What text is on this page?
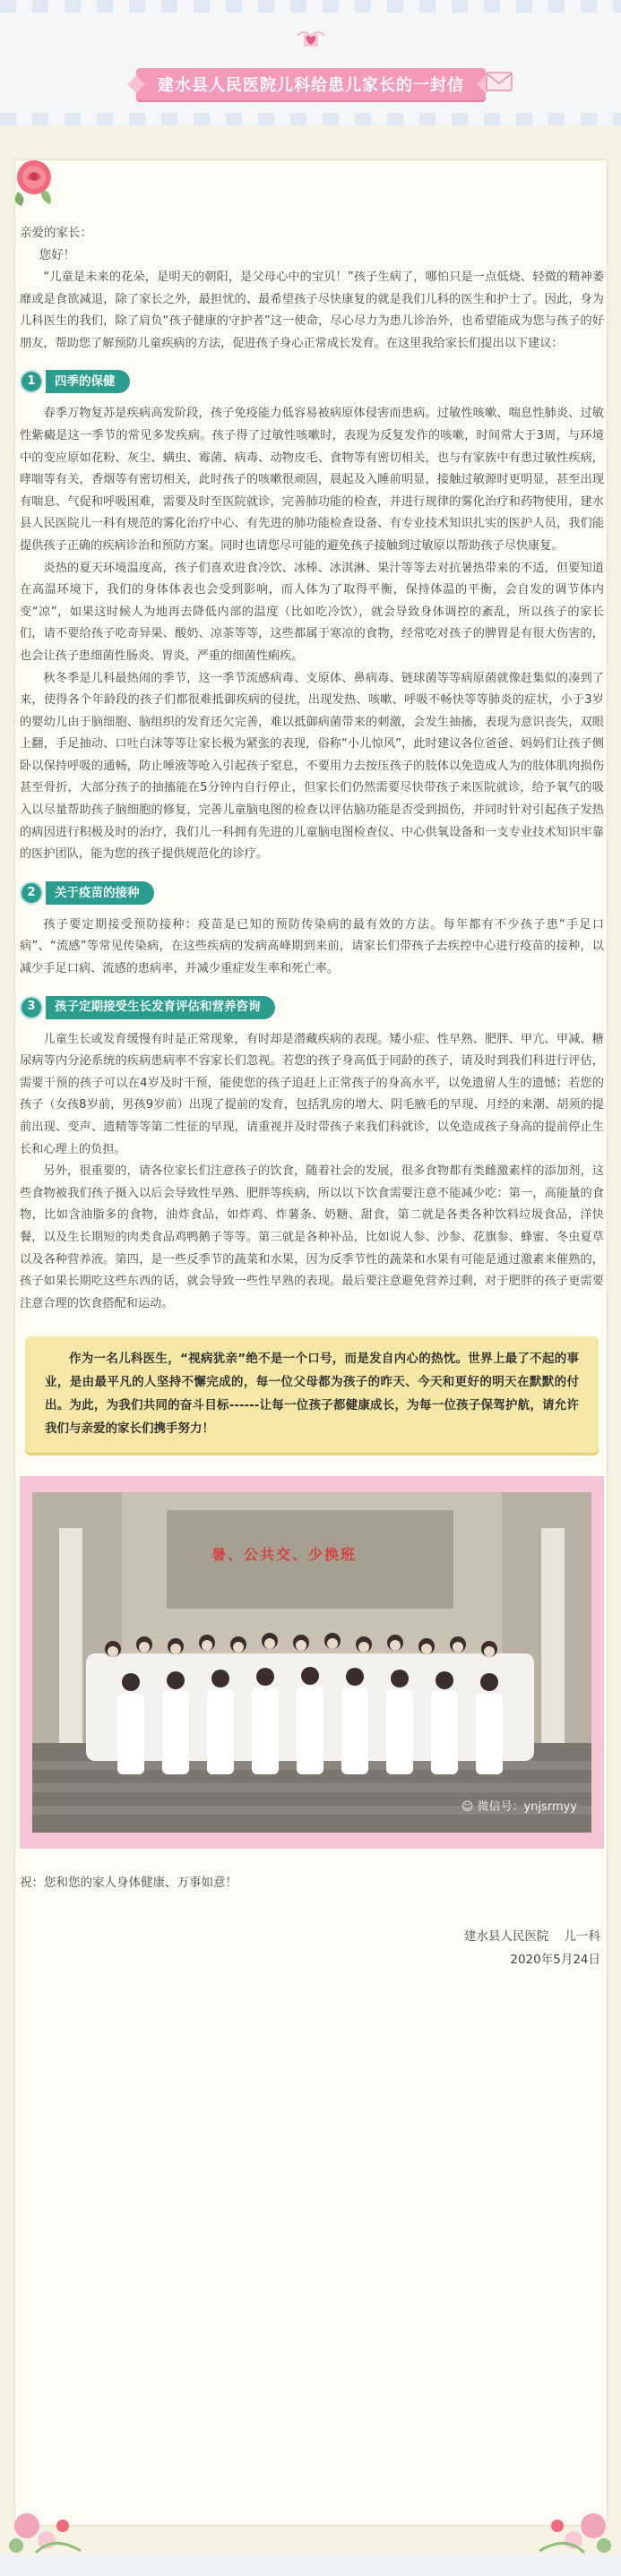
建水县人民医院儿科给患儿家长的一封信

亲爱的家长：

您好！

“儿童是未来的花朵，是明天的朝阳，是父母心中的宝贝！”孩子生病了，哪怕只是一点低烧、轻微的精神萎靡或是食欲减退，除了家长之外，最担忧的、最希望孩子尽快康复的就是我们儿科的医生和护士了。因此，身为儿科医生的我们，除了肩负“孩子健康的守护者”这一使命，尽心尽力为患儿诊治外，也希望能成为您与孩子的好朋友，帮助您了解预防儿童疾病的方法，促进孩子身心正常成长发育。在这里我给家长们提出以下建议：

1	四季的保健

春季万物复苏是疾病高发阶段，孩子免疫能力低容易被病原体侵害而患病。过敏性咳嗽、喘息性肺炎、过敏性紫癜是这一季节的常见多发疾病。孩子得了过敏性咳嗽时，表现为反复发作的咳嗽，时间常大于3周，与环境中的变应原如花粉、灰尘、螨虫、霉菌、病毒、动物皮毛、食物等有密切相关，也与有家族中有患过敏性疾病，哮喘等有关，香烟等有密切相关，此时孩子的咳嗽很顽固，晨起及入睡前明显，接触过敏源时更明显，甚至出现有喘息、气促和呼吸困难，需要及时至医院就诊，完善肺功能的检查，并进行规律的雾化治疗和药物使用，建水县人民医院儿一科有规范的雾化治疗中心、有先进的肺功能检查设备、有专业技术知识扎实的医护人员，我们能提供孩子正确的疾病诊治和预防方案。同时也请您尽可能的避免孩子接触到过敏原以帮助孩子尽快康复。

炎热的夏天环境温度高，孩子们喜欢进食冷饮、冰棒、冰淇淋、果汁等等去对抗暑热带来的不适，但要知道在高温环境下，我们的身体体表也会受到影响，而人体为了取得平衡，保持体温的平衡，会自发的调节体内变“凉”，如果这时候人为地再去降低内部的温度（比如吃冷饮），就会导致身体调控的紊乱，所以孩子的家长们，请不要给孩子吃奇异果、酸奶、凉茶等等，这些都属于寒凉的食物，经常吃对孩子的脾胃是有很大伤害的，也会让孩子患细菌性肠炎、胃炎，严重的细菌性痢疾。

秋冬季是儿科最热闹的季节，这一季节流感病毒、支原体、鼻病毒、链球菌等等病原菌就像赶集似的凑到了来，使得各个年龄段的孩子们都很难抵御疾病的侵扰，出现发热、咳嗽、呼吸不畅快等等肺炎的症状，小于3岁的婴幼儿由于脑细胞、脑组织的发育还欠完善，难以抵御病菌带来的刺激，会发生抽搐，表现为意识丧失，双眼上翻，手足抽动、口吐白沫等等让家长极为紧张的表现，俗称“小儿惊风”，此时建议各位爸爸、妈妈们让孩子侧卧以保持呼吸的通畅，防止唾液等呛入引起孩子窒息，不要用力去按压孩子的肢体以免造成人为的肢体肌肉损伤甚至骨折，大部分孩子的抽搐能在5分钟内自行停止，但家长们仍然需要尽快带孩子来医院就诊，给予氧气的吸入以尽量帮助孩子脑细胞的修复，完善儿童脑电图的检查以评估脑功能是否受到损伤，并同时针对引起孩子发热的病因进行积极及时的治疗，我们儿一科拥有先进的儿童脑电图检查仪、中心供氧设备和一支专业技术知识牢靠的医护团队，能为您的孩子提供规范化的诊疗。

2	关于疫苗的接种

孩子要定期接受预防接种：疫苗是已知的预防传染病的最有效的方法。每年都有不少孩子患“手足口病”、“流感”等常见传染病，在这些疾病的发病高峰期到来前，请家长们带孩子去疾控中心进行疫苗的接种，以减少手足口病、流感的患病率，并减少重症发生率和死亡率。

3	孩子定期接受生长发育评估和营养咨询

儿童生长或发育缓慢有时是正常现象，有时却是潜藏疾病的表现。矮小症、性早熟、肥胖、甲亢、甲减、糖尿病等内分泌系统的疾病患病率不容家长们忽视。若您的孩子身高低于同龄的孩子，请及时到我们科进行评估，需要干预的孩子可以在4岁及时干预，能使您的孩子追赶上正常孩子的身高水平，以免遗留人生的遗憾；若您的孩子（女孩8岁前，男孩9岁前）出现了提前的发育，包括乳房的增大、阴毛腋毛的早现、月经的来潮、胡须的提前出现、变声、遗精等等第二性征的早现，请重视并及时带孩子来我们科就诊，以免造成孩子身高的提前停止生长和心理上的负担。

另外，很重要的，请各位家长们注意孩子的饮食，随着社会的发展，很多食物都有类雌激素样的添加剂，这些食物被我们孩子摄入以后会导致性早熟、肥胖等疾病，所以以下饮食需要注意不能减少吃：第一，高能量的食物，比如含油脂多的食物，油炸食品，如炸鸡、炸薯条、奶糖、甜食，第二就是各类各种饮料垃圾食品，洋快餐，以及生长期短的肉类食品鸡鸭鹅子等等。第三就是各种补品，比如说人参、沙参、花旗参、蜂蜜、冬虫夏草以及各种营养液。第四，是一些反季节的蔬菜和水果，因为反季节性的蔬菜和水果有可能是通过激素来催熟的，孩子如果长期吃这些东西的话，就会导致一些性早熟的表现。最后要注意避免营养过剩，对于肥胖的孩子更需要注意合理的饮食搭配和运动。

作为一名儿科医生，“视病犹亲”绝不是一个口号，而是发自内心的热忱。世界上最了不起的事业，是由最平凡的人坚持不懈完成的，每一位父母都为孩子的昨天、今天和更好的明天在默默的付出。为此，为我们共同的奋斗目标------让每一位孩子都健康成长，为每一位孩子保驾护航，请允许我们与亲爱的家长们携手努力！
暑、公共交、少换班
☺ 微信号：ynjsrmyy

祝：您和您的家人身体健康、万事如意！

建水县人民医院    儿一科
2020年5月24日
